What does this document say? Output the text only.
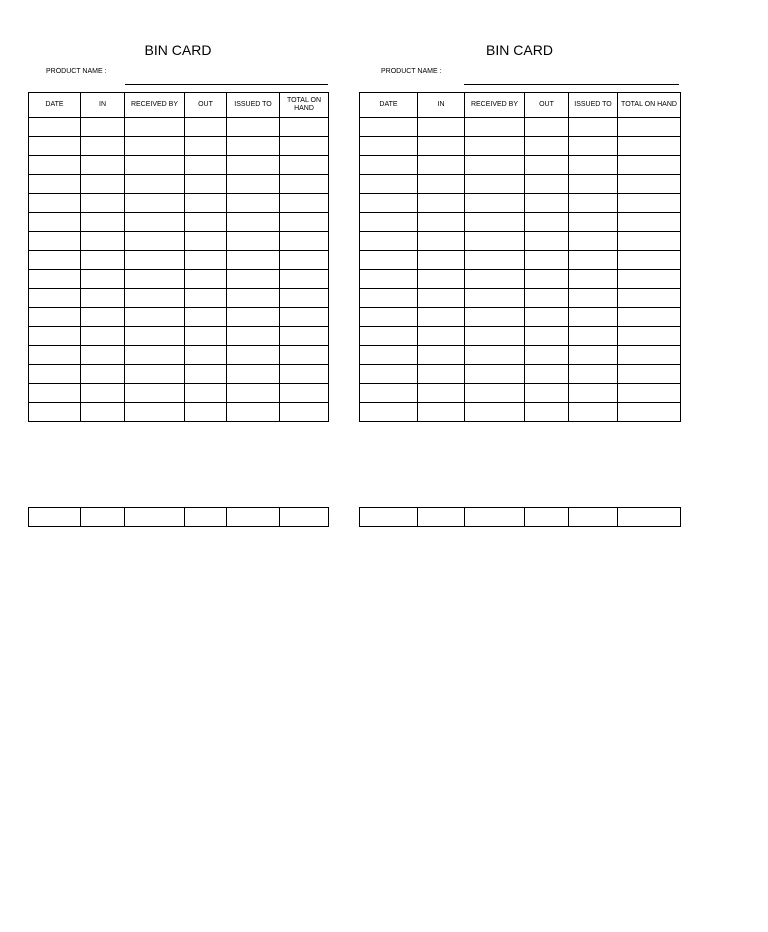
BIN CARD
PRODUCT NAME :
DATE	IN	RECEIVED BY	OUT	ISSUED TO	TOTAL ON HAND

BIN CARD
PRODUCT NAME :
DATE	IN	RECEIVED BY	OUT	ISSUED TO	TOTAL ON HAND
